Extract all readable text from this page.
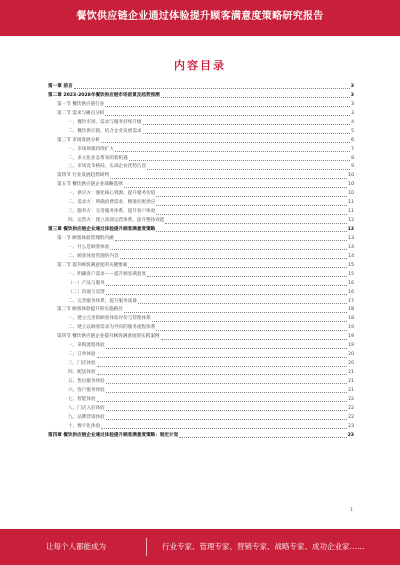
餐饮供应链企业通过体验提升顾客满意度策略研究报告
内容目录
第一章 前言	3
第二章 2023-2028年餐饮供应链市场前景及趋势预测	3
第一节 餐饮供应链行业	3
第二节 需求与痛点分析	3
一、餐饮市场，需求与服务持续升级	4
二、餐饮供应链，结合企业发展需求	5
第三节 市场发展分析	6
一、市场规模持续扩大	7
二、多元化业态带来的新机遇	8
三、市场竞争格局，头部企业优势凸显	9
第四节 行业发展趋势研判	10
第五节 餐饮供应链企业战略选择	10
一、供应方：强化核心资源，提升服务价值	10
二、需求方：明确消费需求，精准匹配供应	11
三、服务方：完善服务体系，提升客户体验	11
四、运营方：建立高效运营体系，提升整体效能	12
第三章 餐饮供应链企业通过体验提升顾客满意度策略	13
第一节 顾客体验管理的内涵	13
一、什么是顾客体验	14
二、顾客体验管理的内容	14
第二节 提升顾客满意度的关键要素	15
一、明确客户需求——提升顾客满意度	15
（一）产品与服务	16
（二）沟通与反馈	16
二、完善服务体系，提升服务质量	17
第三节 顾客体验提升的实施路径	18
一、建立完善的顾客体验评价与管理体系	18
二、建立以顾客需求为导向的服务流程体系	19
第四节 餐饮供应链企业提升顾客满意度的实践案例	19
一、采购流程体验	19
二、订单体验	20
三、门店体验	20
四、配送体验	21
五、售后服务体验	21
六、客户服务体验	21
七、智能体验	22
八、门店入驻体验	22
九、品牌营销体验	22
十、数字化体验	23
第四章 餐饮供应链企业通过体验提升顾客满意度策略：制定计划	23
1
让每个人都能成为	行业专家、管理专家、营销专家、战略专家、成功企业家……
